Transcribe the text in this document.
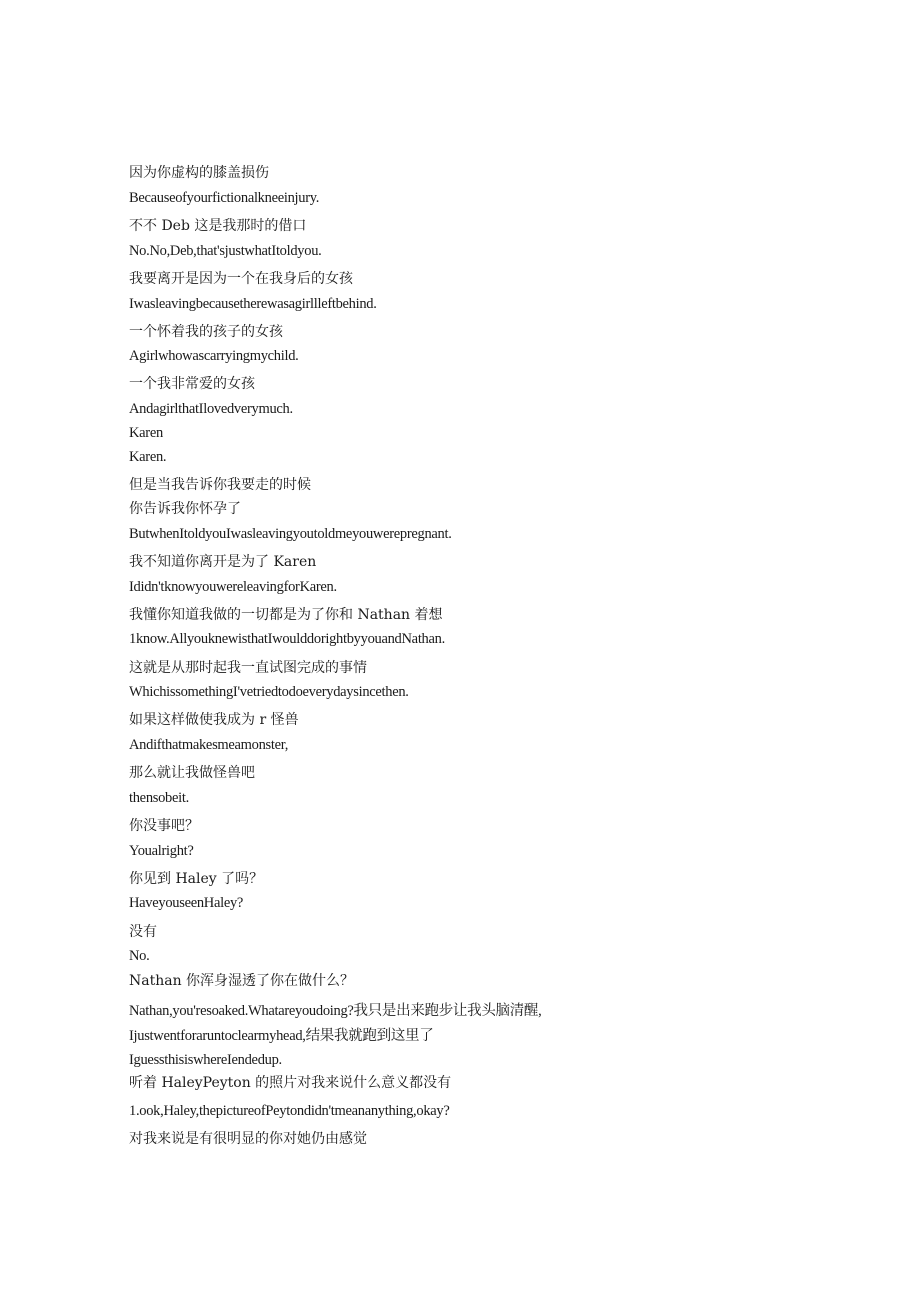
因为你虚构的膝盖损伤
Becauseofyourfictionalkneeinjury.
不不 Deb 这是我那时的借口
No.No,Deb,that'sjustwhatItoldyou.
我要离开是因为一个在我身后的女孩
Iwasleavingbecausetherewasagirllleftbehind.
一个怀着我的孩子的女孩
Agirlwhowascarryingmychild.
一个我非常爱的女孩
AndagirlthatIlovedverymuch.
Karen
Karen.
但是当我告诉你我要走的时候
你告诉我你怀孕了
ButwhenItoldyouIwasleavingyoutoldmeyouwerepregnant.
我不知道你离开是为了 Karen
Ididn'tknowyouwereleavingforKaren.
我懂你知道我做的一切都是为了你和 Nathan 着想
1know.AllyouknewisthatIwoulddorightbyyouandNathan.
这就是从那时起我一直试图完成的事情
WhichissomethingI'vetriedtodoeverydaysincethen.
如果这样做使我成为 r 怪兽
Andifthatmakesmeamonster,
那么就让我做怪兽吧
thensobeit.
你没事吧？
Youalright?
你见到 Haley 了吗？
HaveyouseenHaley?
没有
No.
Nathan 你浑身湿透了你在做什么？
Nathan,you'resoaked.Whatareyoudoing?我只是出来跑步让我头脑清醒,
Ijustwentforaruntoclearmyhead,结果我就跑到这里了
IguessthisiswhereIendedup.
听着 HaleyPeyton 的照片对我来说什么意义都没有
1.ook,Haley,thepictureofPeytondidn'tmeananything,okay?
对我来说是有很明显的你对她仍由感觉
